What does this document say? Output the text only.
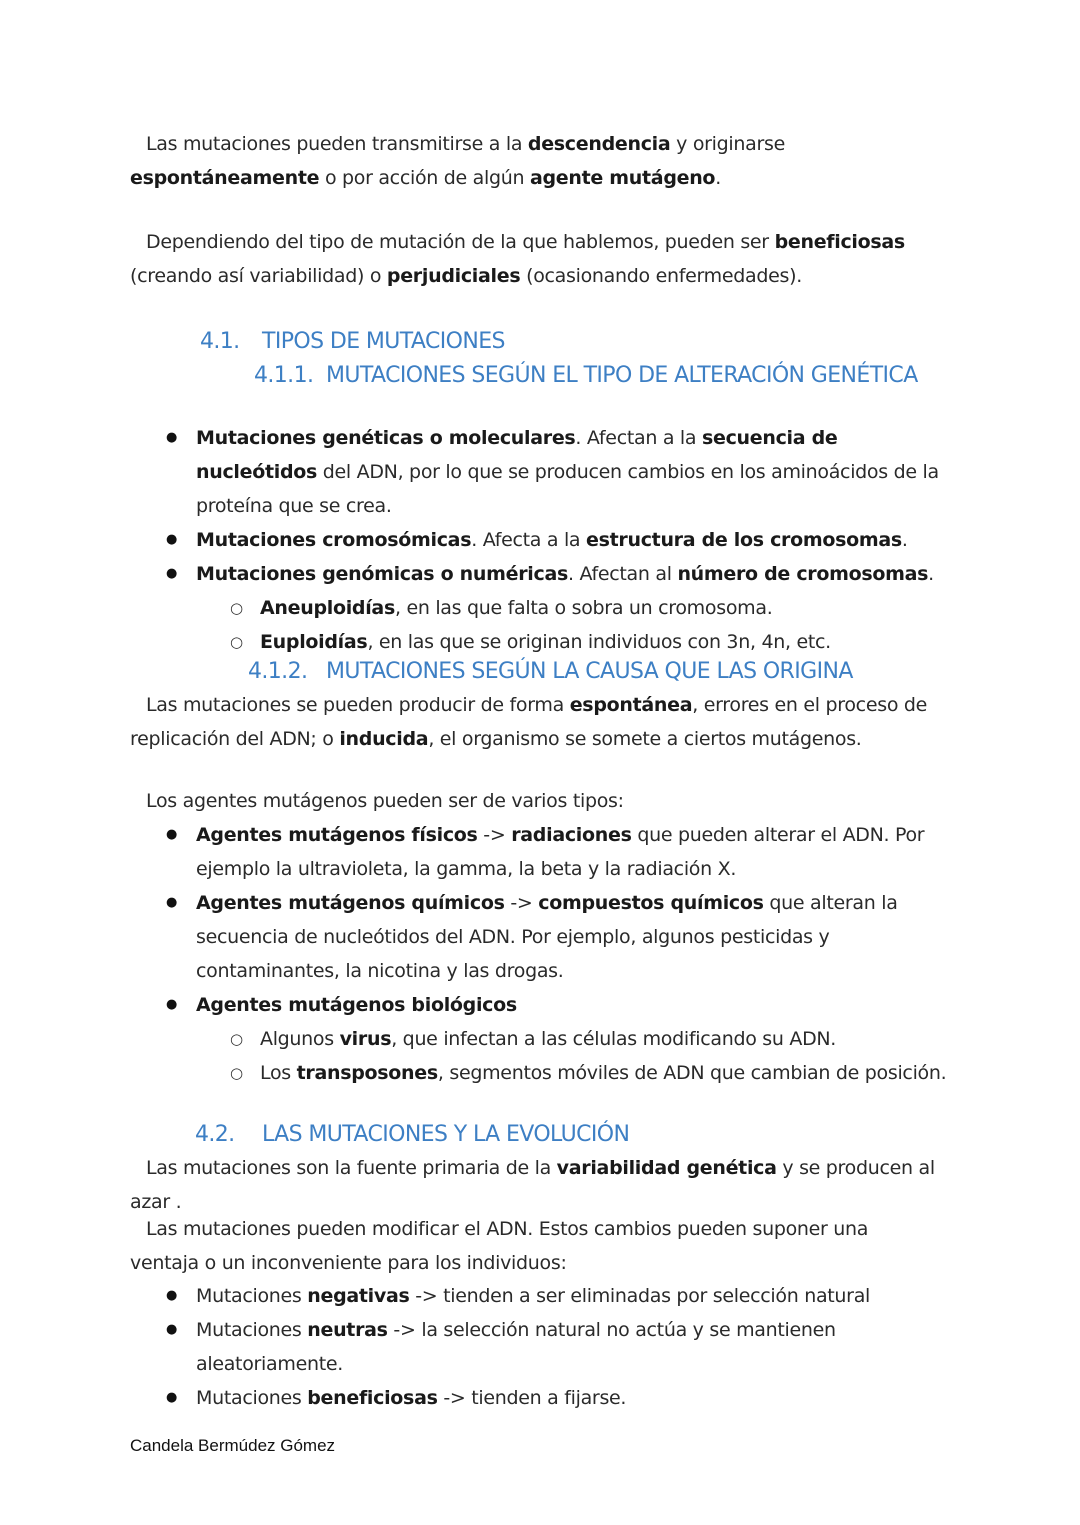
Las mutaciones pueden transmitirse a la descendencia y originarse espontáneamente o por acción de algún agente mutágeno.

Dependiendo del tipo de mutación de la que hablemos, pueden ser beneficiosas (creando así variabilidad) o perjudiciales (ocasionando enfermedades).

4.1. TIPOS DE MUTACIONES
4.1.1. MUTACIONES SEGÚN EL TIPO DE ALTERACIÓN GENÉTICA
● Mutaciones genéticas o moleculares. Afectan a la secuencia de nucleótidos del ADN, por lo que se producen cambios en los aminoácidos de la proteína que se crea.
● Mutaciones cromosómicas. Afecta a la estructura de los cromosomas.
● Mutaciones genómicas o numéricas. Afectan al número de cromosomas.
○ Aneuploidías, en las que falta o sobra un cromosoma.
○ Euploidías, en las que se originan individuos con 3n, 4n, etc.
4.1.2. MUTACIONES SEGÚN LA CAUSA QUE LAS ORIGINA

Las mutaciones se pueden producir de forma espontánea, errores en el proceso de replicación del ADN; o inducida, el organismo se somete a ciertos mutágenos.

Los agentes mutágenos pueden ser de varios tipos:

● Agentes mutágenos físicos -> radiaciones que pueden alterar el ADN. Por ejemplo la ultravioleta, la gamma, la beta y la radiación X.
● Agentes mutágenos químicos -> compuestos químicos que alteran la secuencia de nucleótidos del ADN. Por ejemplo, algunos pesticidas y contaminantes, la nicotina y las drogas.
● Agentes mutágenos biológicos
○ Algunos virus, que infectan a las células modificando su ADN.
○ Los transposones, segmentos móviles de ADN que cambian de posición.
4.2. LAS MUTACIONES Y LA EVOLUCIÓN

Las mutaciones son la fuente primaria de la variabilidad genética y se producen al azar .

Las mutaciones pueden modificar el ADN. Estos cambios pueden suponer una ventaja o un inconveniente para los individuos:

● Mutaciones negativas -> tienden a ser eliminadas por selección natural
● Mutaciones neutras -> la selección natural no actúa y se mantienen aleatoriamente.
● Mutaciones beneficiosas -> tienden a fijarse.
Candela Bermúdez Gómez
